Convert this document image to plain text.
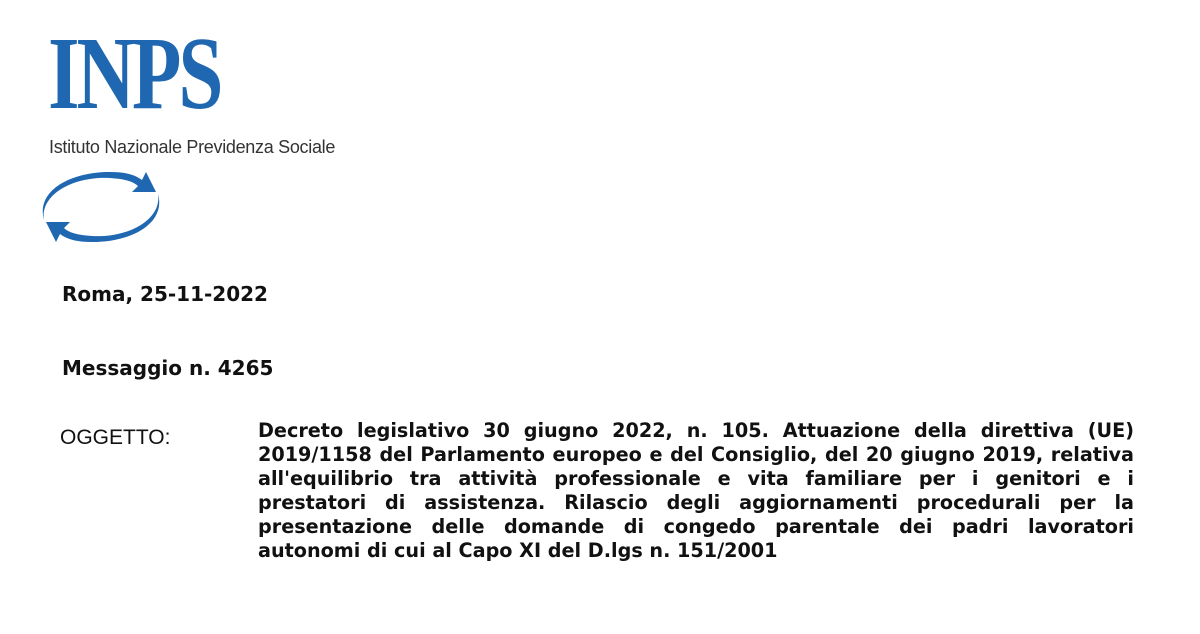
INPS
Istituto Nazionale Previdenza Sociale
Roma, 25-11-2022
Messaggio n. 4265
OGGETTO:	Decreto legislativo 30 giugno 2022, n. 105. Attuazione della direttiva (UE) 2019/1158 del Parlamento europeo e del Consiglio, del 20 giugno 2019, relativa all'equilibrio tra attività professionale e vita familiare per i genitori e i prestatori di assistenza. Rilascio degli aggiornamenti procedurali per la presentazione delle domande di congedo parentale dei padri lavoratori autonomi di cui al Capo XI del D.lgs n. 151/2001
